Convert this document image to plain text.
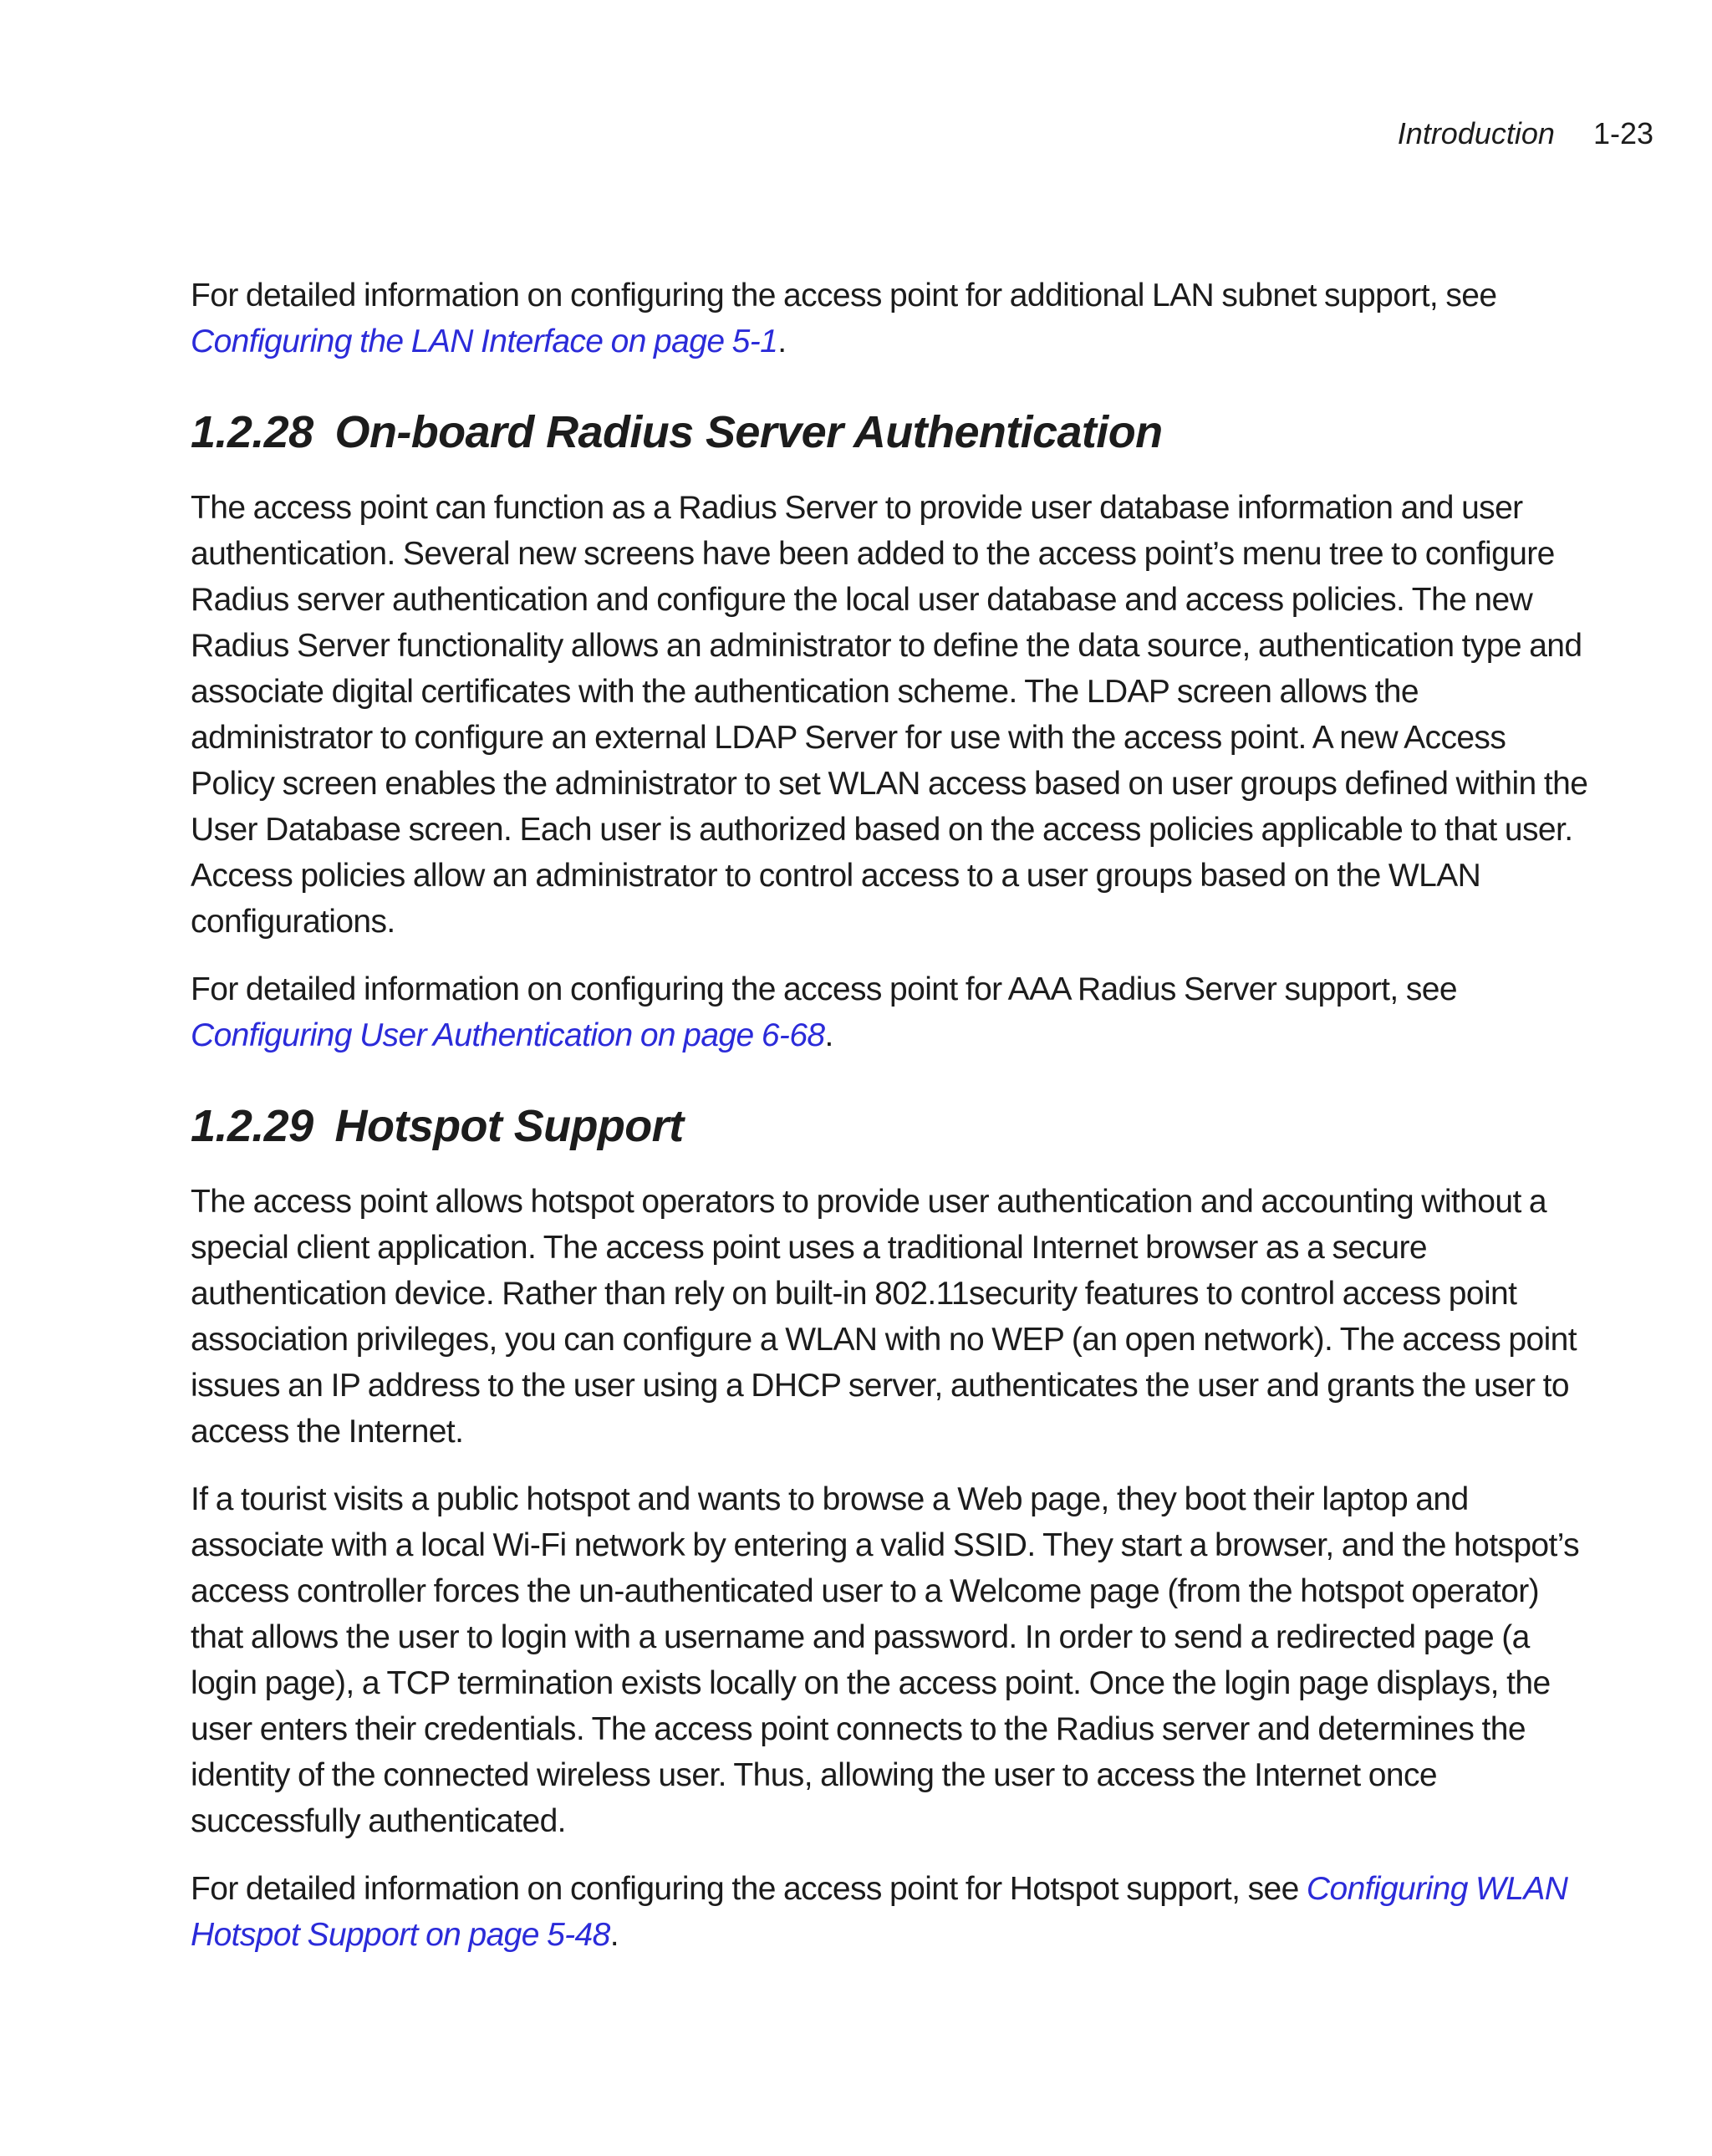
Introduction 1-23

For detailed information on configuring the access point for additional LAN subnet support, see Configuring the LAN Interface on page 5-1.

1.2.28 On-board Radius Server Authentication

The access point can function as a Radius Server to provide user database information and user authentication. Several new screens have been added to the access point’s menu tree to configure Radius server authentication and configure the local user database and access policies. The new Radius Server functionality allows an administrator to define the data source, authentication type and associate digital certificates with the authentication scheme. The LDAP screen allows the administrator to configure an external LDAP Server for use with the access point. A new Access Policy screen enables the administrator to set WLAN access based on user groups defined within the User Database screen. Each user is authorized based on the access policies applicable to that user. Access policies allow an administrator to control access to a user groups based on the WLAN configurations.

For detailed information on configuring the access point for AAA Radius Server support, see Configuring User Authentication on page 6-68.

1.2.29 Hotspot Support

The access point allows hotspot operators to provide user authentication and accounting without a special client application. The access point uses a traditional Internet browser as a secure authentication device. Rather than rely on built-in 802.11security features to control access point association privileges, you can configure a WLAN with no WEP (an open network). The access point issues an IP address to the user using a DHCP server, authenticates the user and grants the user to access the Internet.

If a tourist visits a public hotspot and wants to browse a Web page, they boot their laptop and associate with a local Wi-Fi network by entering a valid SSID. They start a browser, and the hotspot’s access controller forces the un-authenticated user to a Welcome page (from the hotspot operator) that allows the user to login with a username and password. In order to send a redirected page (a login page), a TCP termination exists locally on the access point. Once the login page displays, the user enters their credentials. The access point connects to the Radius server and determines the identity of the connected wireless user. Thus, allowing the user to access the Internet once successfully authenticated.

For detailed information on configuring the access point for Hotspot support, see Configuring WLAN Hotspot Support on page 5-48.
